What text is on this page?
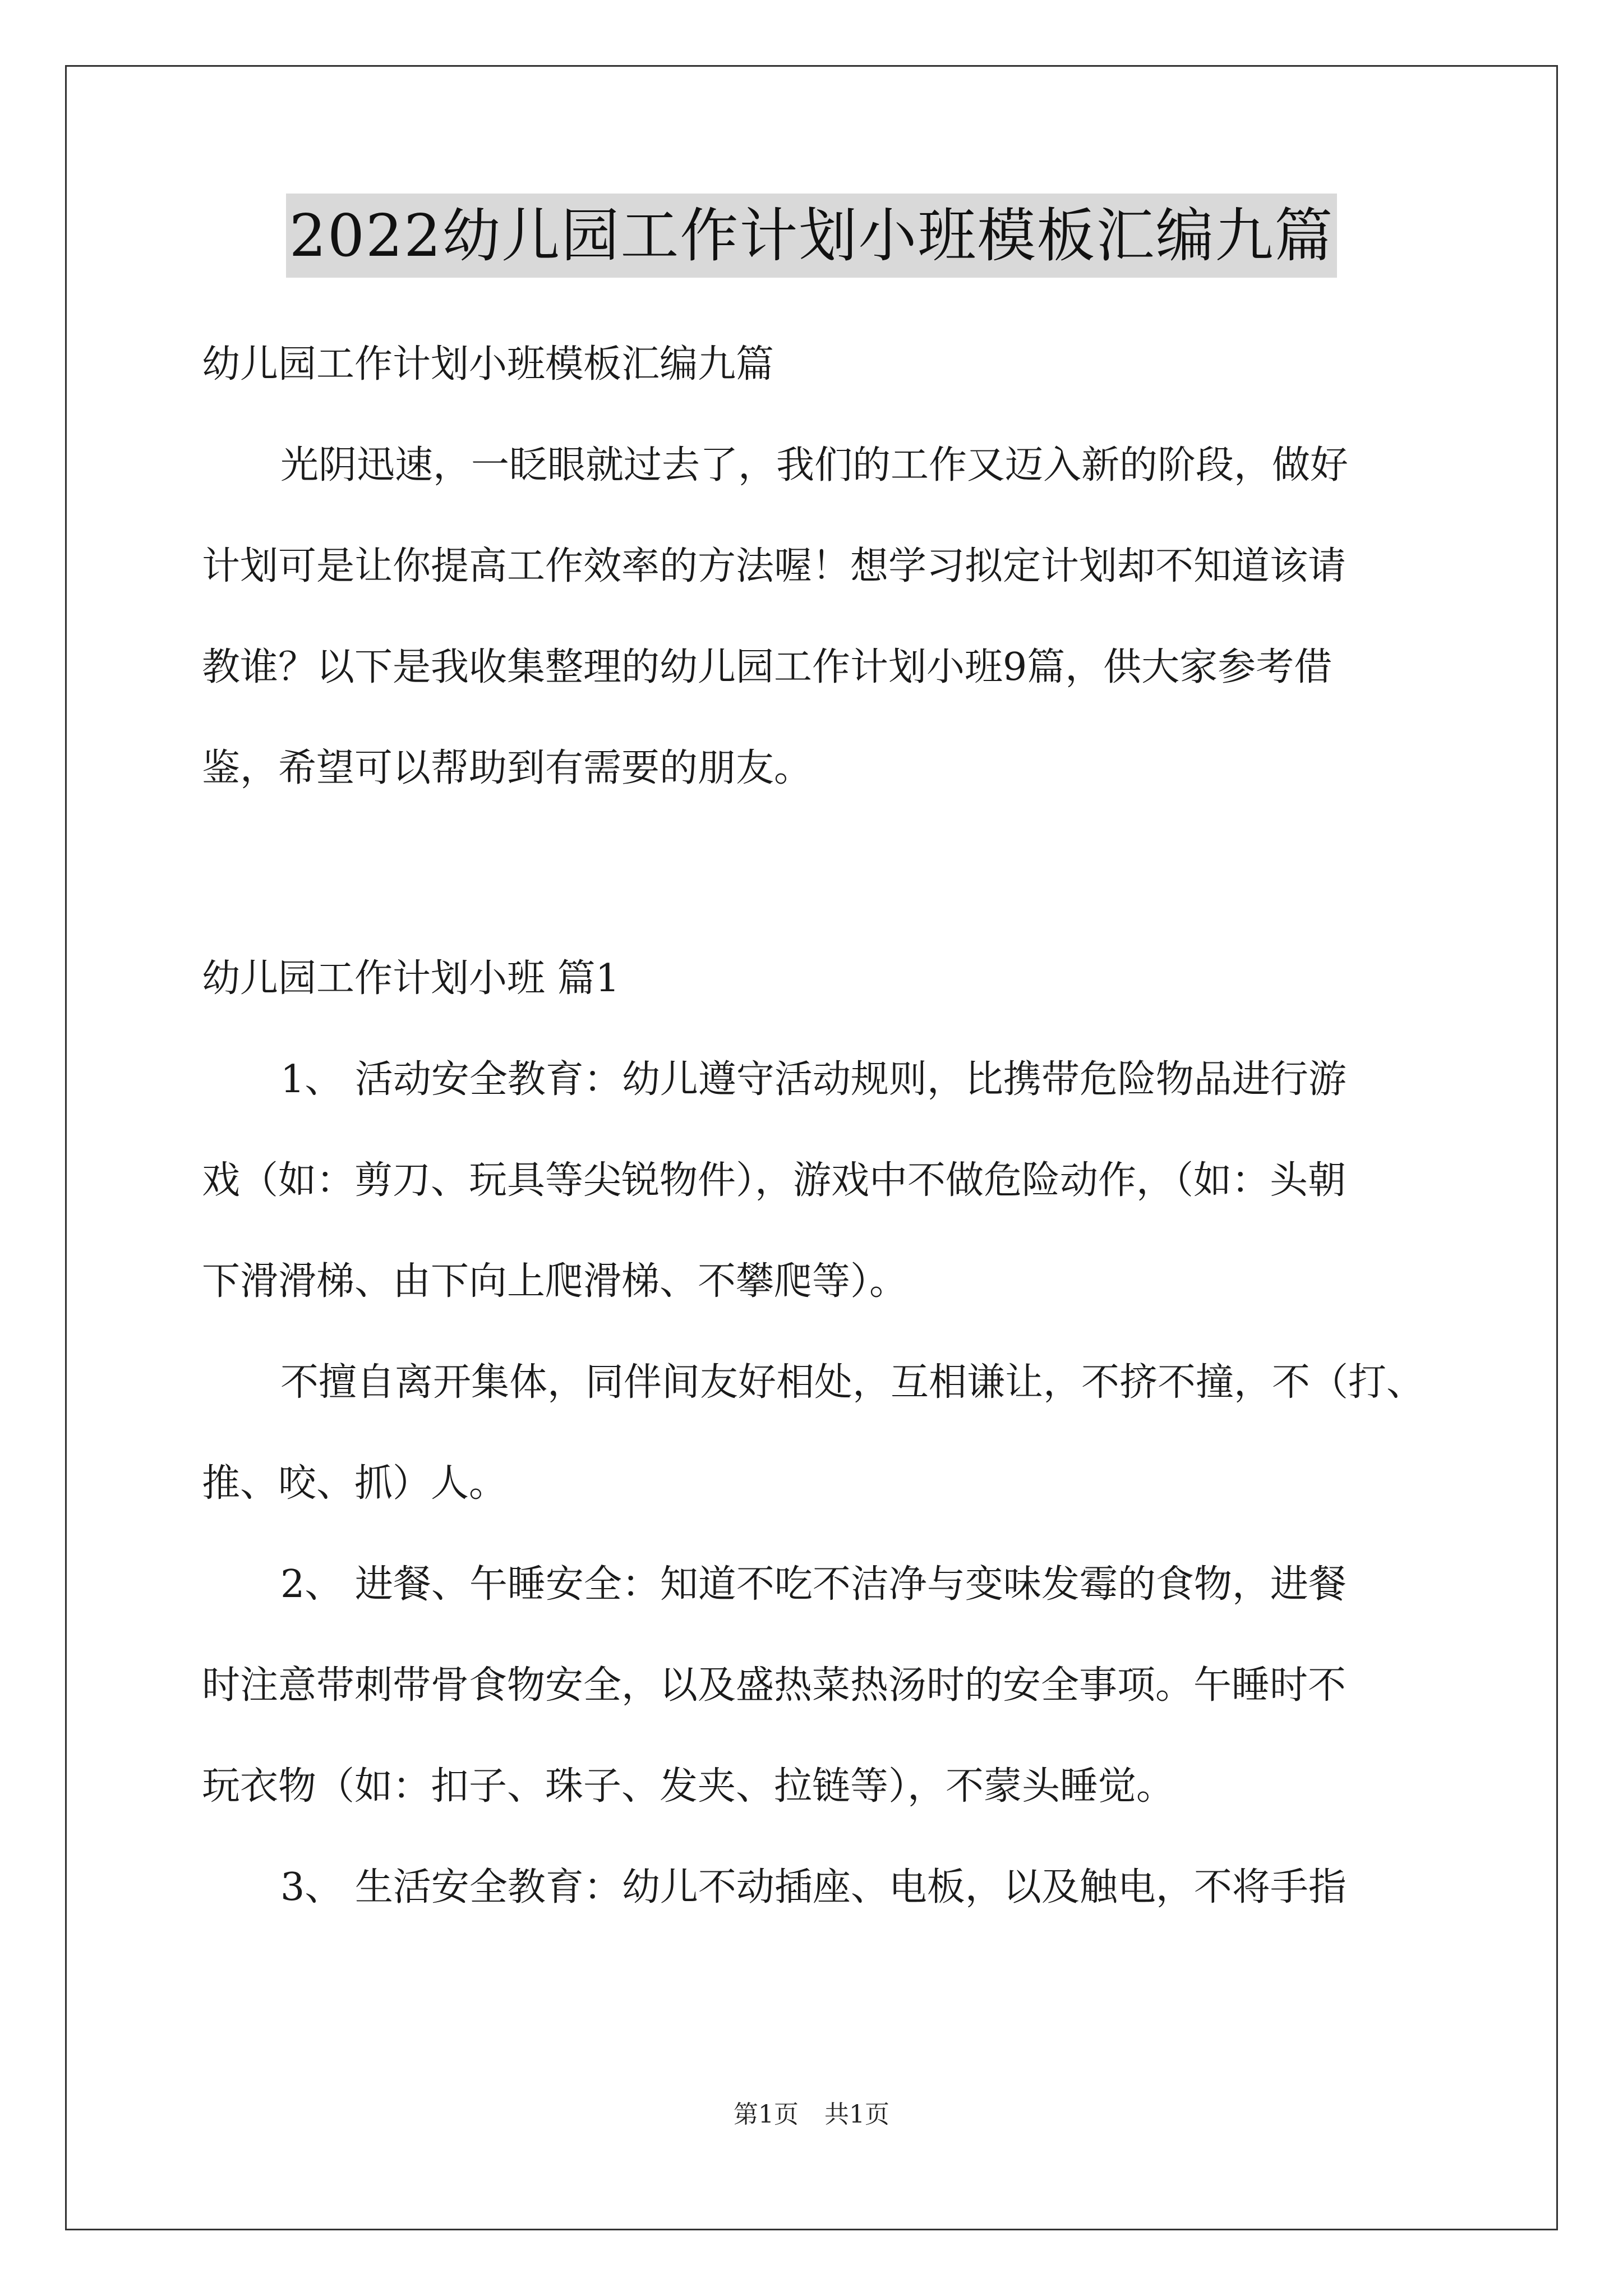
2022幼儿园工作计划小班模板汇编九篇
幼儿园工作计划小班模板汇编九篇
光阴迅速，一眨眼就过去了，我们的工作又迈入新的阶段，做好
计划可是让你提高工作效率的方法喔！想学习拟定计划却不知道该请
教谁？以下是我收集整理的幼儿园工作计划小班9篇，供大家参考借
鉴，希望可以帮助到有需要的朋友。
幼儿园工作计划小班 篇1
1、 活动安全教育：幼儿遵守活动规则，比携带危险物品进行游
戏（如：剪刀、玩具等尖锐物件），游戏中不做危险动作，（如：头朝
下滑滑梯、由下向上爬滑梯、不攀爬等）。
不擅自离开集体，同伴间友好相处，互相谦让，不挤不撞，不（打、
推、咬、抓）人。
2、 进餐、午睡安全：知道不吃不洁净与变味发霉的食物，进餐
时注意带刺带骨食物安全，以及盛热菜热汤时的安全事项。午睡时不
玩衣物（如：扣子、珠子、发夹、拉链等），不蒙头睡觉。
3、 生活安全教育：幼儿不动插座、电板，以及触电，不将手指
第1页 共1页
